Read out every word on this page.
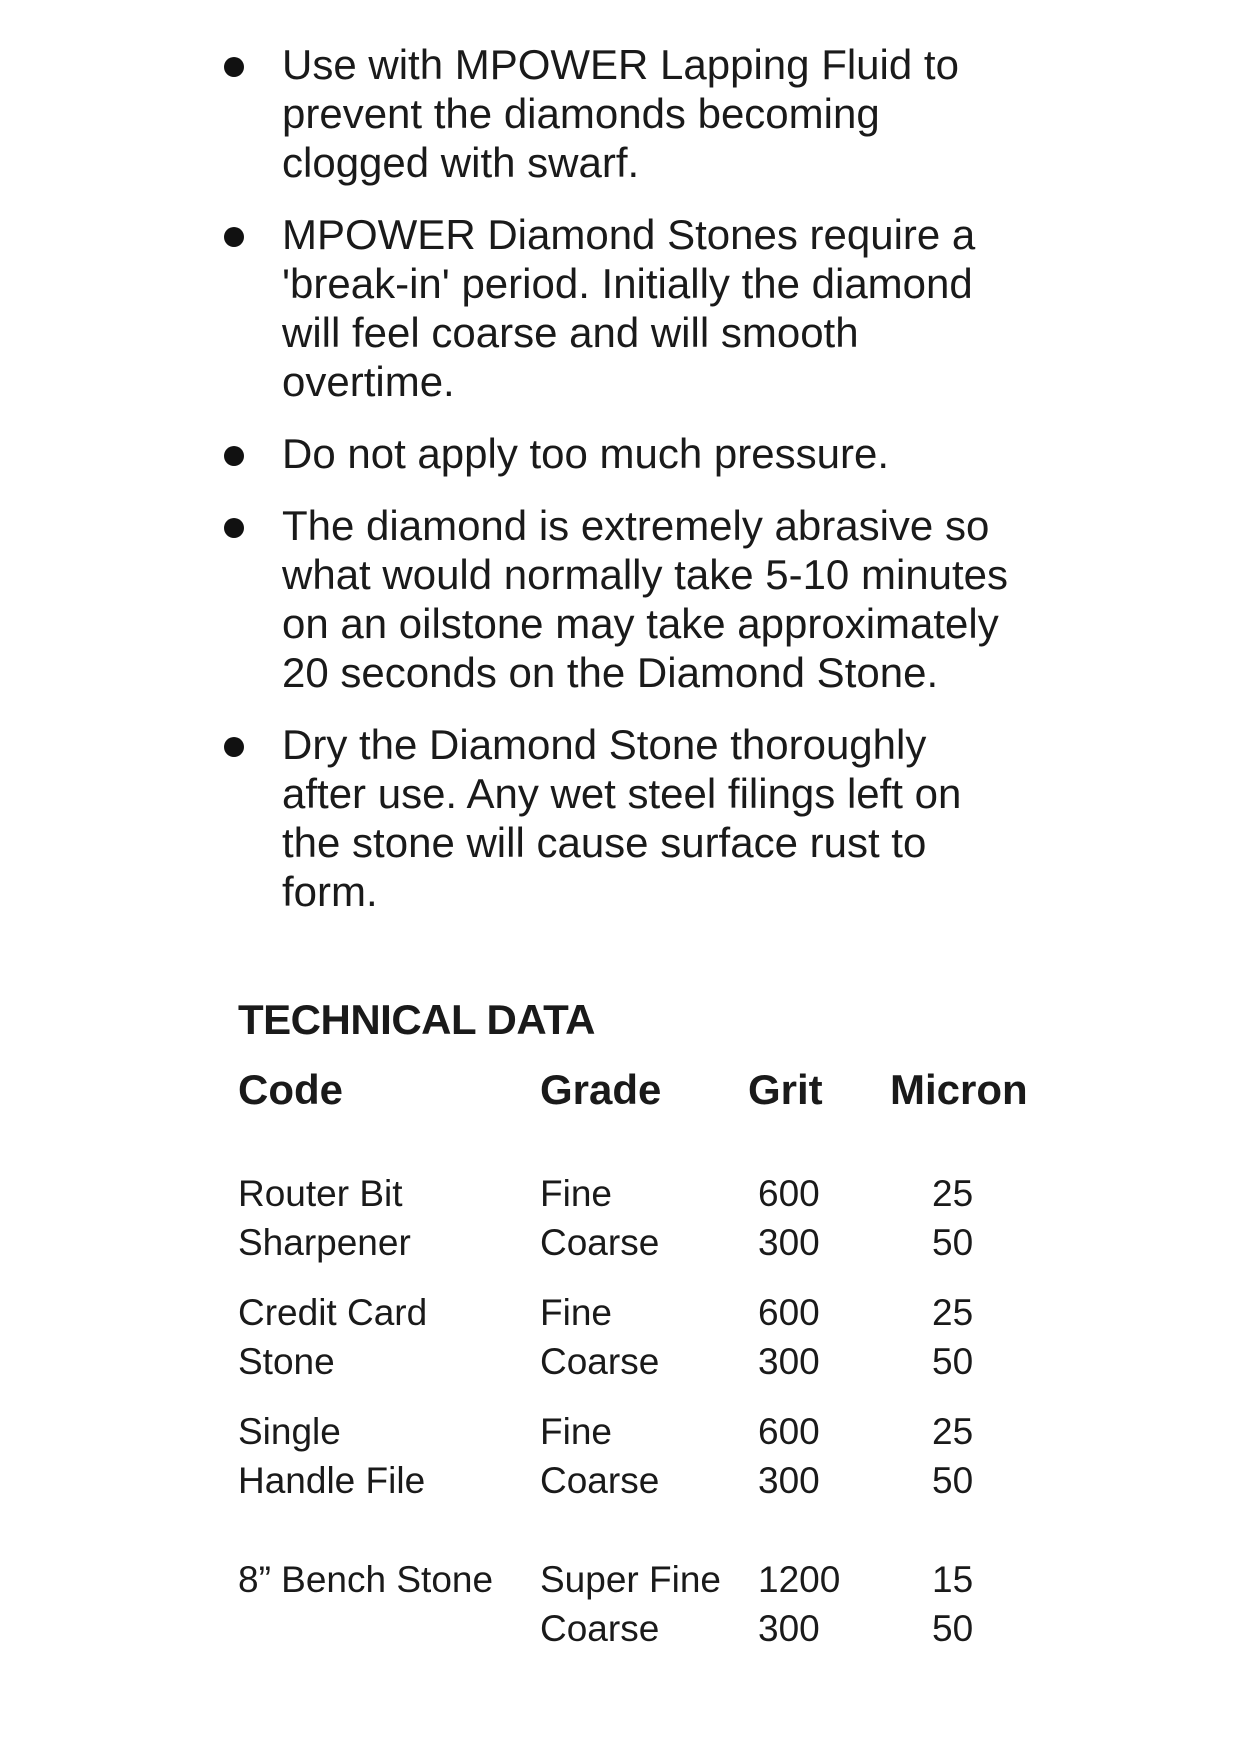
Use with MPOWER Lapping Fluid to
prevent the diamonds becoming
clogged with swarf.
MPOWER Diamond Stones require a
'break-in' period. Initially the diamond
will feel coarse and will smooth
overtime.
Do not apply too much pressure.
The diamond is extremely abrasive so
what would normally take 5-10 minutes
on an oilstone may take approximately
20 seconds on the Diamond Stone.
Dry the Diamond Stone thoroughly
after use. Any wet steel filings left on
the stone will cause surface rust to
form.
TECHNICAL DATA
Code	Grade	Grit	Micron
Router Bit	Fine	600	25
Sharpener	Coarse	300	50

Credit Card	Fine	600	25
Stone	Coarse	300	50

Single	Fine	600	25
Handle File	Coarse	300	50

8” Bench Stone	Super Fine	1200	15
	Coarse	300	50
